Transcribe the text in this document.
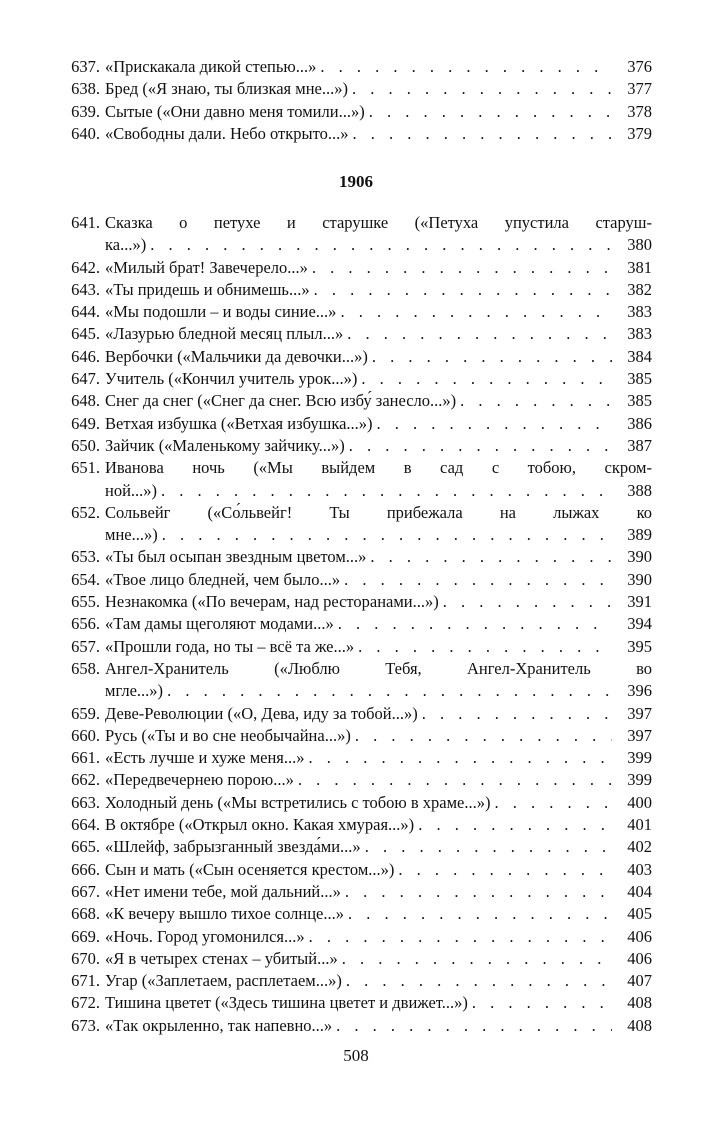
637. «Прискакала дикой степью...» . . .	376
638. Бред («Я знаю, ты близкая мне...») . . .	377
639. Сытые («Они давно меня томили...») . . .	378
640. «Свободны дали. Небо открыто...» . . .	379
1906
641. Сказка о петухе и старушке («Петуха упустила старуш-
ка...») . . .	380
642. «Милый брат! Завечерело...» . . .	381
643. «Ты придешь и обнимешь...» . . .	382
644. «Мы подошли – и воды синие...» . . .	383
645. «Лазурью бледной месяц плыл...» . . .	383
646. Вербочки («Мальчики да девочки...») . . .	384
647. Учитель («Кончил учитель урок...») . . .	385
648. Снег да снег («Снег да снег. Всю избу́ занесло...») . . .	385
649. Ветхая избушка («Ветхая избушка...») . . .	386
650. Зайчик («Маленькому зайчику...») . . .	387
651. Иванова ночь («Мы выйдем в сад с тобою, скром-
ной...») . . .	388
652. Сольвейг («Со́львейг! Ты прибежала на лыжах ко
мне...») . . .	389
653. «Ты был осыпан звездным цветом...» . . .	390
654. «Твое лицо бледней, чем было...» . . .	390
655. Незнакомка («По вечерам, над ресторанами...») . . .	391
656. «Там дамы щеголяют модами...» . . .	394
657. «Прошли года, но ты – всё та же...» . . .	395
658. Ангел-Хранитель («Люблю Тебя, Ангел-Хранитель во
мгле...») . . .	396
659. Деве-Революции («О, Дева, иду за тобой...») . . .	397
660. Русь («Ты и во сне необычайна...») . . .	397
661. «Есть лучше и хуже меня...» . . .	399
662. «Передвечернею порою...» . . .	399
663. Холодный день («Мы встретились с тобою в храме...») . . .	400
664. В октябре («Открыл окно. Какая хмурая...») . . .	401
665. «Шлейф, забрызганный звезда́ми...» . . .	402
666. Сын и мать («Сын осеняется крестом...») . . .	403
667. «Нет имени тебе, мой дальний...» . . .	404
668. «К вечеру вышло тихое солнце...» . . .	405
669. «Ночь. Город угомонился...» . . .	406
670. «Я в четырех стенах – убитый...» . . .	406
671. Угар («Заплетаем, расплетаем...») . . .	407
672. Тишина цветет («Здесь тишина цветет и движет...») . . .	408
673. «Так окрыленно, так напевно...» . . .	408
508
